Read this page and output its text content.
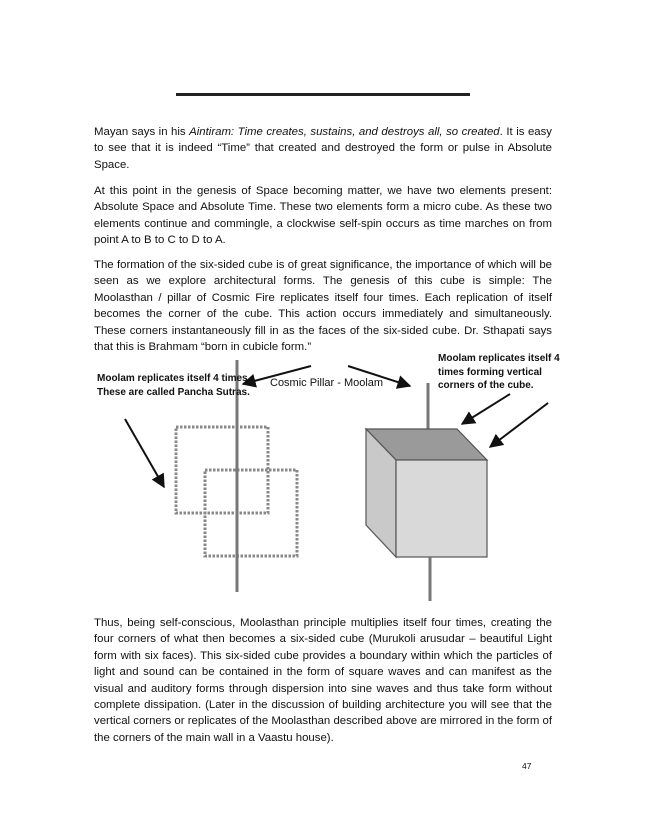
Mayan says in his Aintiram: Time creates, sustains, and destroys all, so created. It is easy to see that it is indeed “Time” that created and destroyed the form or pulse in Absolute Space.

At this point in the genesis of Space becoming matter, we have two elements present: Absolute Space and Absolute Time. These two elements form a micro cube. As these two elements continue and commingle, a clockwise self-spin occurs as time marches on from point A to B to C to D to A.

The formation of the six-sided cube is of great significance, the importance of which will be seen as we explore architectural forms. The genesis of this cube is simple: The Moolasthan / pillar of Cosmic Fire replicates itself four times. Each replication of itself becomes the corner of the cube. This action occurs immediately and simultaneously. These corners instantaneously fill in as the faces of the six-sided cube. Dr. Sthapati says that this is Brahmam “born in cubicle form.”

Moolam replicates itself 4 times. These are called Pancha Sutras.

Cosmic Pillar - Moolam

Moolam replicates itself 4 times forming vertical corners of the cube.

Thus, being self-conscious, Moolasthan principle multiplies itself four times, creating the four corners of what then becomes a six-sided cube (Murukoli arusudar – beautiful Light form with six faces). This six-sided cube provides a boundary within which the particles of light and sound can be contained in the form of square waves and can manifest as the visual and auditory forms through dispersion into sine waves and thus take form without complete dissipation. (Later in the discussion of building architecture you will see that the vertical corners or replicates of the Moolasthan described above are mirrored in the form of the corners of the main wall in a Vaastu house).

47
